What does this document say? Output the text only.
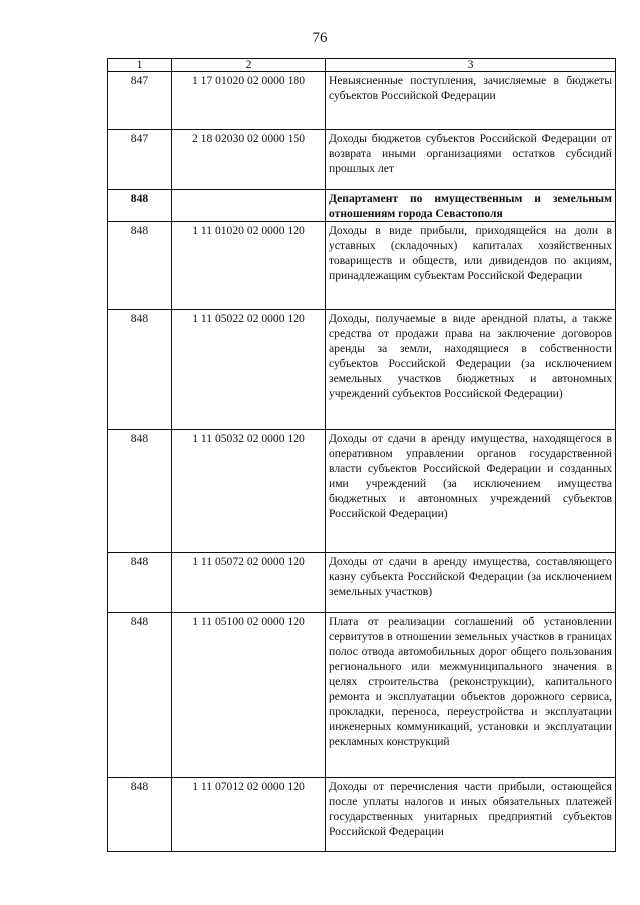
76
1	2	3
847	1 17 01020 02 0000 180	Невыясненные поступления, зачисляемые в бюджеты субъектов Российской Федерации
847	2 18 02030 02 0000 150	Доходы бюджетов субъектов Российской Федерации от возврата иными организациями остатков субсидий прошлых лет
848		Департамент по имущественным и земельным отношениям города Севастополя
848	1 11 01020 02 0000 120	Доходы в виде прибыли, приходящейся на доли в уставных (складочных) капиталах хозяйственных товариществ и обществ, или дивидендов по акциям, принадлежащим субъектам Российской Федерации
848	1 11 05022 02 0000 120	Доходы, получаемые в виде арендной платы, а также средства от продажи права на заключение договоров аренды за земли, находящиеся в собственности субъектов Российской Федерации (за исключением земельных участков бюджетных и автономных учреждений субъектов Российской Федерации)
848	1 11 05032 02 0000 120	Доходы от сдачи в аренду имущества, находящегося в оперативном управлении органов государственной власти субъектов Российской Федерации и созданных ими учреждений (за исключением имущества бюджетных и автономных учреждений субъектов Российской Федерации)
848	1 11 05072 02 0000 120	Доходы от сдачи в аренду имущества, составляющего казну субъекта Российской Федерации (за исключением земельных участков)
848	1 11 05100 02 0000 120	Плата от реализации соглашений об установлении сервитутов в отношении земельных участков в границах полос отвода автомобильных дорог общего пользования регионального или межмуниципального значения в целях строительства (реконструкции), капитального ремонта и эксплуатации объектов дорожного сервиса, прокладки, переноса, переустройства и эксплуатации инженерных коммуникаций, установки и эксплуатации рекламных конструкций
848	1 11 07012 02 0000 120	Доходы от перечисления части прибыли, остающейся после уплаты налогов и иных обязательных платежей государственных унитарных предприятий субъектов Российской Федерации
